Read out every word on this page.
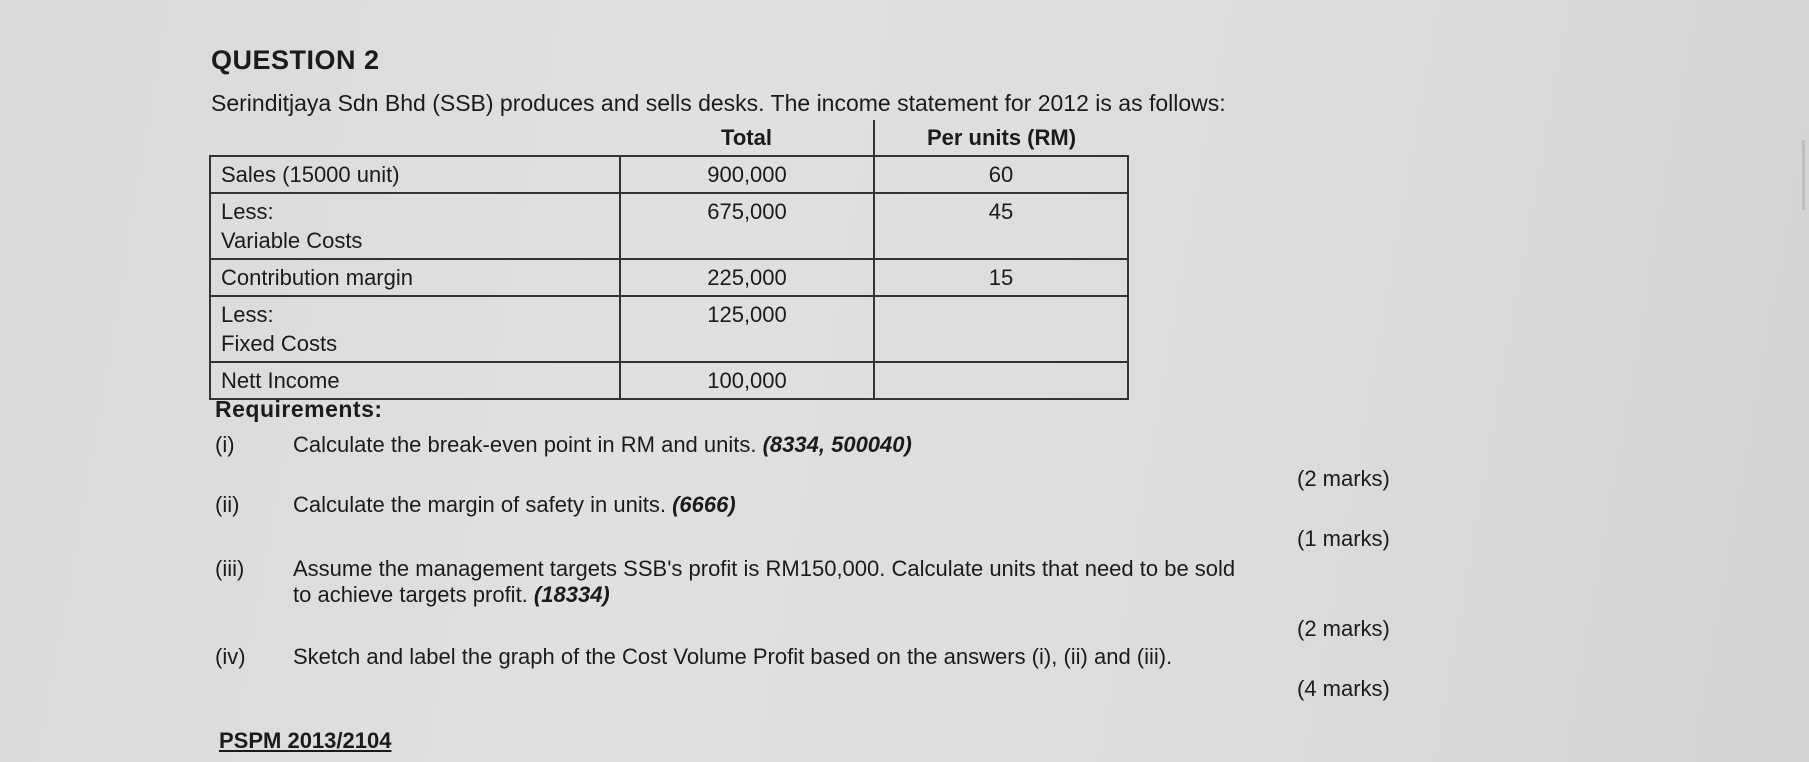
QUESTION 2
Serinditjaya Sdn Bhd (SSB) produces and sells desks. The income statement for 2012 is as follows:
	Total	Per units (RM)
Sales (15000 unit)	900,000	60
Less:
Variable Costs	675,000	45
Contribution margin	225,000	15
Less:
Fixed Costs	125,000	
Nett Income	100,000	
Requirements:
(i)	Calculate the break-even point in RM and units. (8334, 500040)
(2 marks)
(ii) Calculate the margin of safety in units. (6666)
(1 marks)
(iii) Assume the management targets SSB's profit is RM150,000. Calculate units that need to be sold
to achieve targets profit. (18334)
(2 marks)
(iv) Sketch and label the graph of the Cost Volume Profit based on the answers (i), (ii) and (iii).
(4 marks)
PSPM 2013/2104
